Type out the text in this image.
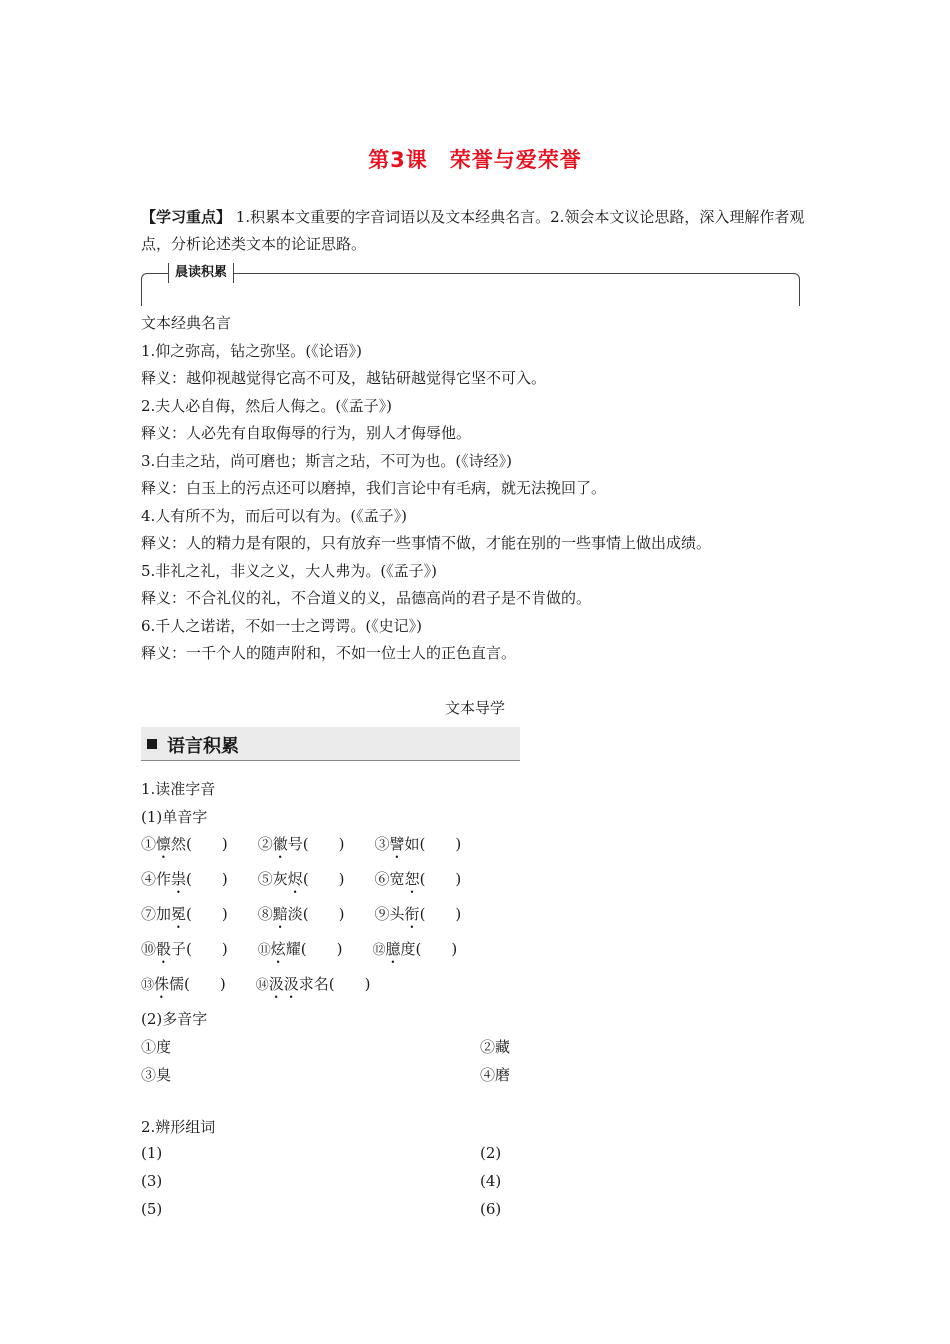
第3课　荣誉与爱荣誉
【学习重点】 1.积累本文重要的字音词语以及文本经典名言。2.领会本文议论思路，深入理解作者观点，分析论述类文本的论证思路。
晨读积累
文本经典名言
1.仰之弥高，钻之弥坚。(《论语》)
释义：越仰视越觉得它高不可及，越钻研越觉得它坚不可入。
2.夫人必自侮，然后人侮之。(《孟子》)
释义：人必先有自取侮辱的行为，别人才侮辱他。
3.白圭之玷，尚可磨也；斯言之玷，不可为也。(《诗经》)
释义：白玉上的污点还可以磨掉，我们言论中有毛病，就无法挽回了。
4.人有所不为，而后可以有为。(《孟子》)
释义：人的精力是有限的，只有放弃一些事情不做，才能在别的一些事情上做出成绩。
5.非礼之礼，非义之义，大人弗为。(《孟子》)
释义：不合礼仪的礼，不合道义的义，品德高尚的君子是不肯做的。
6.千人之诺诺，不如一士之谔谔。(《史记》)
释义：一千个人的随声附和，不如一位士人的正色直言。
文本导学
语言积累
1.读准字音
(1)单音字
①懔然(　　) ②徽号(　　) ③譬如(　　)
④作祟(　　) ⑤灰烬(　　) ⑥宽恕(　　)
⑦加冕(　　) ⑧黯淡(　　) ⑨头衔(　　)
⑩骰子(　　) ⑪炫耀(　　) ⑫臆度(　　)
⑬侏儒(　　) ⑭汲汲求名(　　)
(2)多音字
①度	②藏
③臭	④磨
2.辨形组词
(1)	(2)
(3)	(4)
(5)	(6)
